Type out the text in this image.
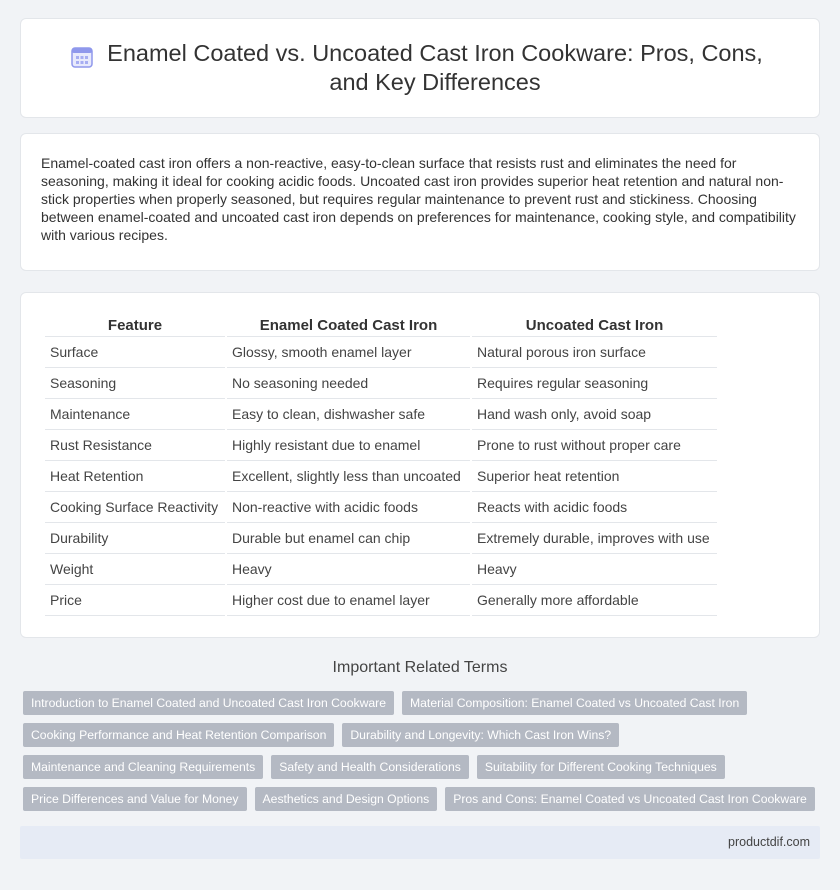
Enamel Coated vs. Uncoated Cast Iron Cookware: Pros, Cons, and Key Differences

Enamel-coated cast iron offers a non-reactive, easy-to-clean surface that resists rust and eliminates the need for seasoning, making it ideal for cooking acidic foods. Uncoated cast iron provides superior heat retention and natural non-stick properties when properly seasoned, but requires regular maintenance to prevent rust and stickiness. Choosing between enamel-coated and uncoated cast iron depends on preferences for maintenance, cooking style, and compatibility with various recipes.

Feature	Enamel Coated Cast Iron	Uncoated Cast Iron
Surface	Glossy, smooth enamel layer	Natural porous iron surface
Seasoning	No seasoning needed	Requires regular seasoning
Maintenance	Easy to clean, dishwasher safe	Hand wash only, avoid soap
Rust Resistance	Highly resistant due to enamel	Prone to rust without proper care
Heat Retention	Excellent, slightly less than uncoated	Superior heat retention
Cooking Surface Reactivity	Non-reactive with acidic foods	Reacts with acidic foods
Durability	Durable but enamel can chip	Extremely durable, improves with use
Weight	Heavy	Heavy
Price	Higher cost due to enamel layer	Generally more affordable
Important Related Terms
Introduction to Enamel Coated and Uncoated Cast Iron Cookware	Material Composition: Enamel Coated vs Uncoated Cast Iron
Cooking Performance and Heat Retention Comparison	Durability and Longevity: Which Cast Iron Wins?
Maintenance and Cleaning Requirements	Safety and Health Considerations	Suitability for Different Cooking Techniques
Price Differences and Value for Money	Aesthetics and Design Options	Pros and Cons: Enamel Coated vs Uncoated Cast Iron Cookware
productdif.com
